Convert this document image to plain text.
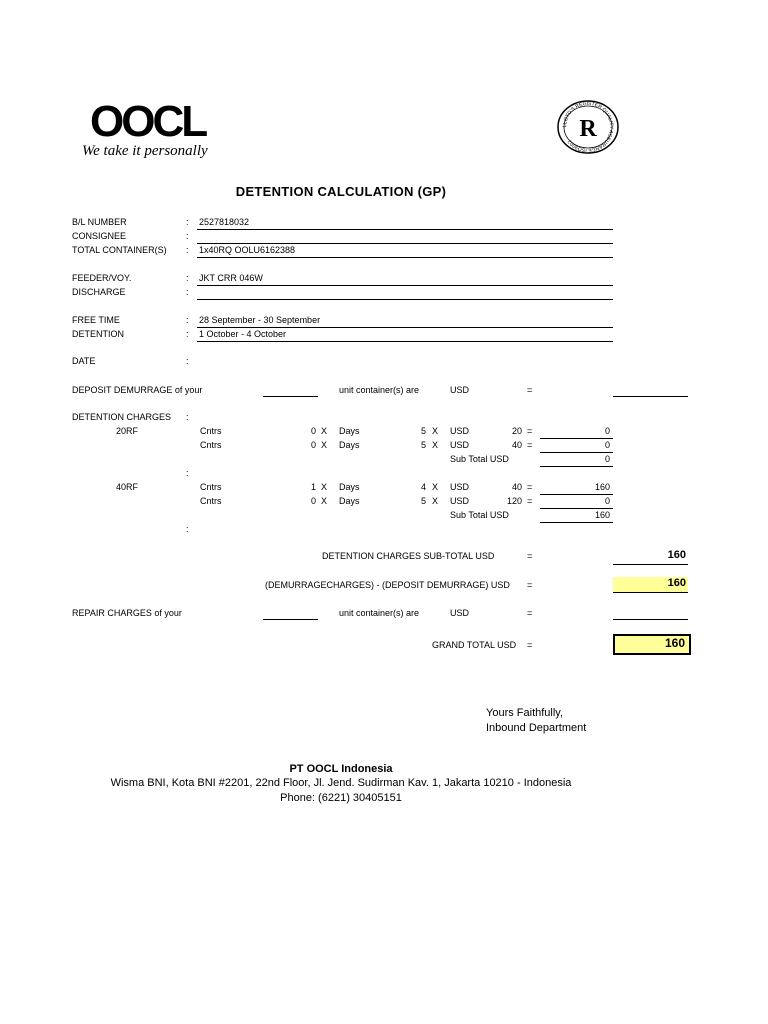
OOCL
We take it personally
LLOYD'S REGISTER QUALITY ASSURANCE ISO9002 R
DETENTION CALCULATION (GP)
B/L NUMBER	: 2527818032
CONSIGNEE	:
TOTAL CONTAINER(S) : 1x40RQ OOLU6162388
FEEDER/VOY.	: JKT CRR 046W
DISCHARGE	:
FREE TIME	: 28 September - 30 September
DETENTION	: 1 October - 4 October
DATE	:
DEPOSIT DEMURRAGE of your	unit container(s) are	USD	=
DETENTION CHARGES :
20RF	Cntrs	0 X Days	5 X USD	20 =	0
Cntrs	0 X Days	5 X USD	40 =	0
Sub Total USD	0
:
40RF	Cntrs	1 X Days	4 X USD	40 =	160
Cntrs	0 X Days	5 X USD	120 =	0
Sub Total USD	160
:
DETENTION CHARGES SUB-TOTAL USD	=	160
(DEMURRAGECHARGES) - (DEPOSIT DEMURRAGE) USD =	160
REPAIR CHARGES of your	unit container(s) are	USD	=
GRAND TOTAL USD =	160
Yours Faithfully,
Inbound Department
PT OOCL Indonesia
Wisma BNI, Kota BNI #2201, 22nd Floor, Jl. Jend. Sudirman Kav. 1, Jakarta 10210 - Indonesia
Phone: (6221) 30405151
